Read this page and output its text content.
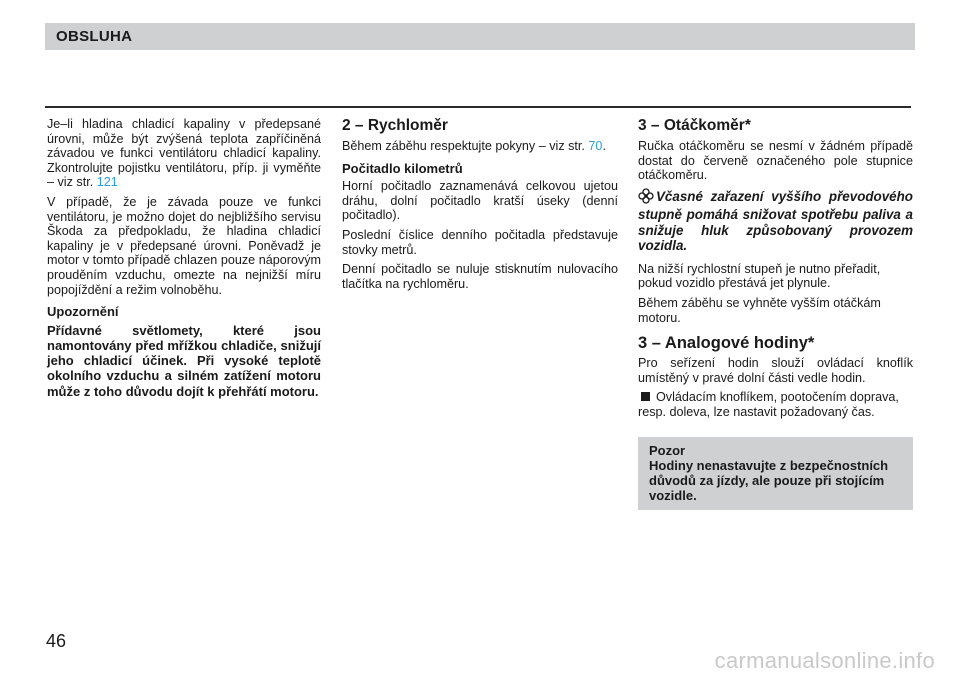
OBSLUHA

Je–li hladina chladicí kapaliny v předepsané úrovni, může být zvýšená teplota zapříčiněná závadou ve funkci ventilátoru chladicí kapaliny. Zkontrolujte pojistku ventilátoru, příp. ji vyměňte – viz str. 121

V případě, že je závada pouze ve funkci ventilátoru, je možno dojet do nejbližšího servisu Škoda za předpokladu, že hladina chladicí kapaliny je v předepsané úrovni. Poněvadž je motor v tomto případě chlazen pouze náporovým prouděním vzduchu, omezte na nejnižší míru popojíždění a režim volnoběhu.

Upozornění

Přídavné světlomety, které jsou namontovány před mřížkou chladiče, snižují jeho chladicí účinek. Při vysoké teplotě okolního vzduchu a silném zatížení motoru může z toho důvodu dojít k přehřátí motoru.

2 – Rychloměr

Během záběhu respektujte pokyny – viz str. 70.

Počitadlo kilometrů

Horní počitadlo zaznamenává celkovou ujetou dráhu, dolní počitadlo kratší úseky (denní počitadlo).

Poslední číslice denního počitadla představuje stovky metrů.

Denní počitadlo se nuluje stisknutím nulovacího tlačítka na rychloměru.

3 – Otáčkoměr*

Ručka otáčkoměru se nesmí v žádném případě dostat do červeně označeného pole stupnice otáčkoměru.

Včasné zařazení vyššího převodového stupně pomáhá snižovat spotřebu paliva a snižuje hluk způsobovaný provozem vozidla.

Na nižší rychlostní stupeň je nutno přeřadit, pokud vozidlo přestává jet plynule.

Během záběhu se vyhněte vyšším otáčkám motoru.

3 – Analogové hodiny*

Pro seřízení hodin slouží ovládací knoflík umístěný v pravé dolní části vedle hodin.

Ovládacím knoflíkem, pootočením doprava, resp. doleva, lze nastavit požadovaný čas.

Pozor
Hodiny nenastavujte z bezpečnostních důvodů za jízdy, ale pouze při stojícím vozidle.
46
carmanualsonline.info
